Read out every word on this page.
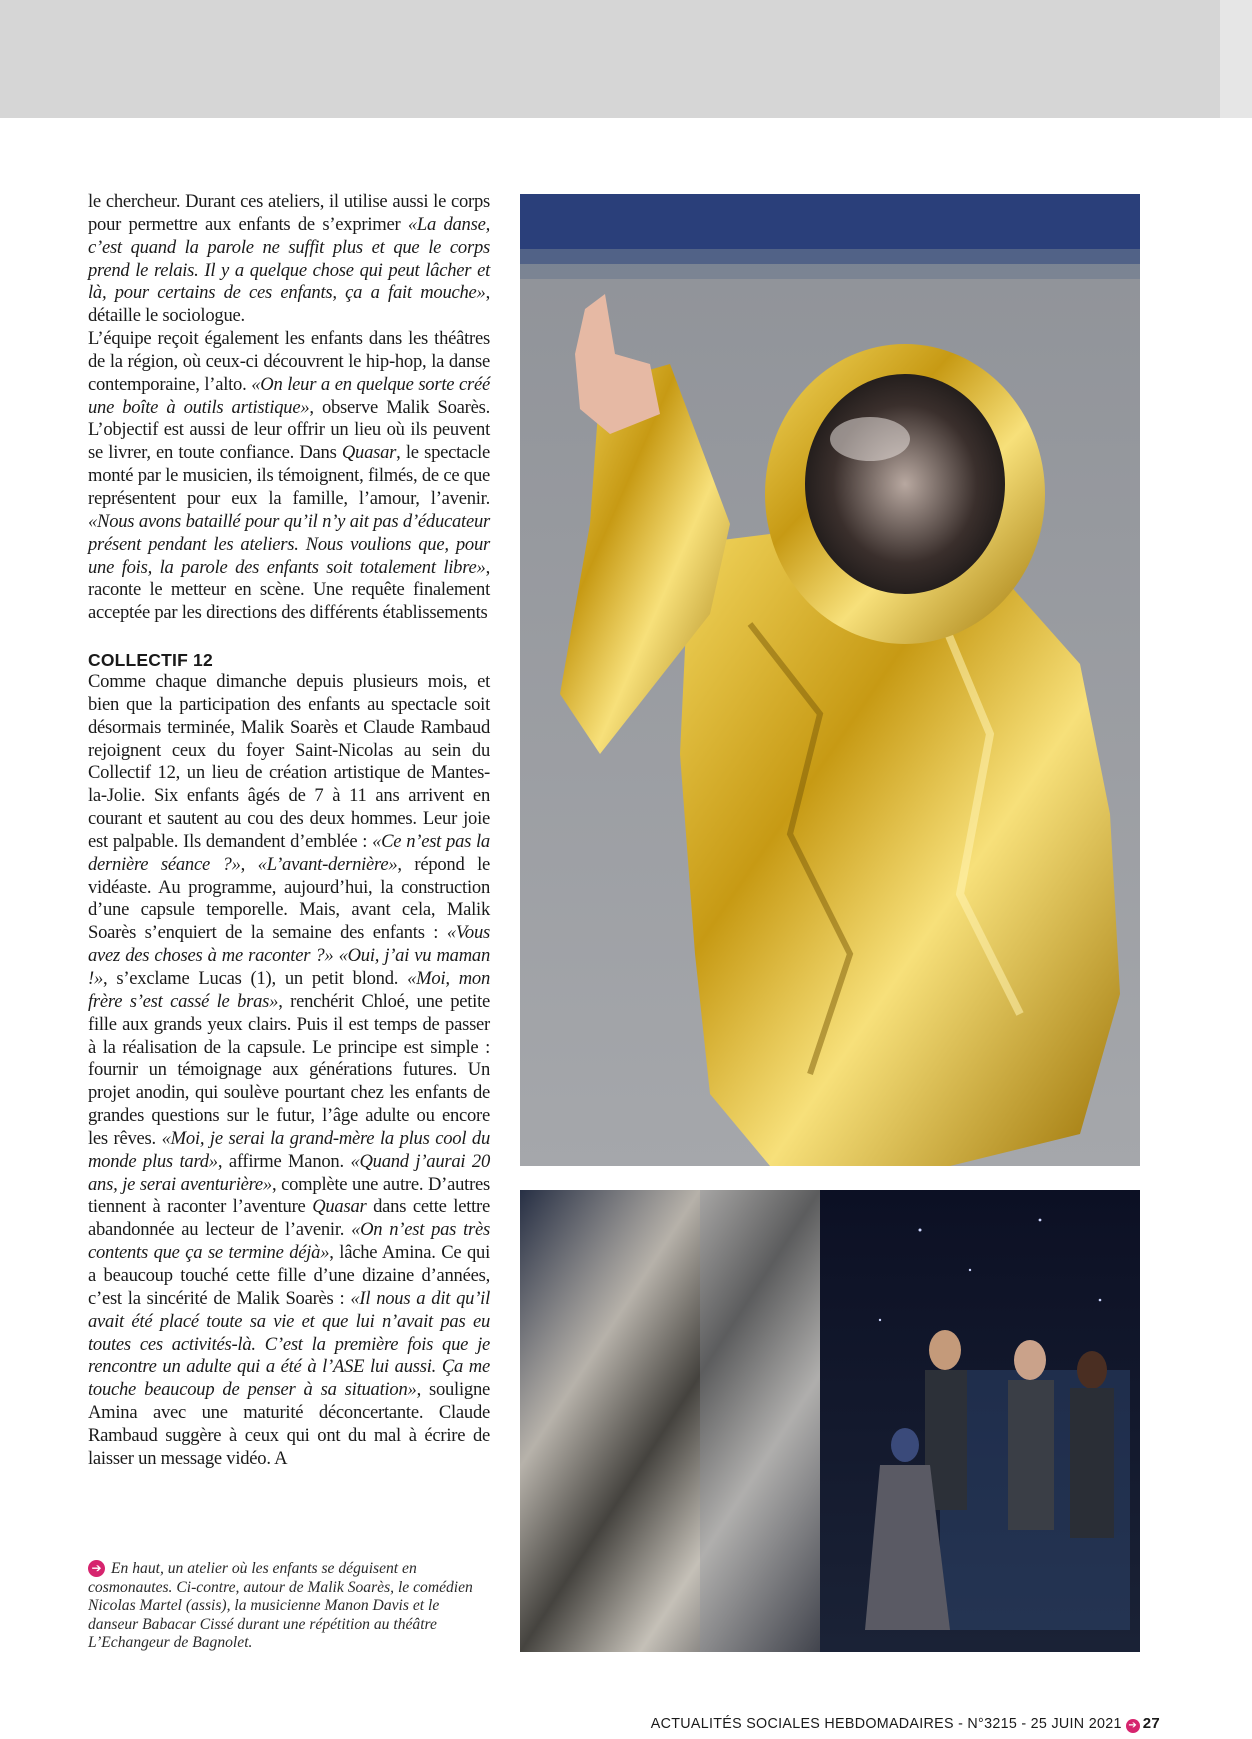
le chercheur. Durant ces ateliers, il utilise aussi le corps pour permettre aux enfants de s’exprimer «La danse, c’est quand la parole ne suffit plus et que le corps prend le relais. Il y a quelque chose qui peut lâcher et là, pour certains de ces enfants, ça a fait mouche», détaille le sociologue.

L’équipe reçoit également les enfants dans les théâtres de la région, où ceux-ci découvrent le hip-hop, la danse contemporaine, l’alto. «On leur a en quelque sorte créé une boîte à outils artistique», observe Malik Soarès. L’objectif est aussi de leur offrir un lieu où ils peuvent se livrer, en toute confiance. Dans Quasar, le spectacle monté par le musicien, ils témoignent, filmés, de ce que représentent pour eux la famille, l’amour, l’avenir. «Nous avons bataillé pour qu’il n’y ait pas d’éducateur présent pendant les ateliers. Nous voulions que, pour une fois, la parole des enfants soit totalement libre», raconte le metteur en scène. Une requête finalement acceptée par les directions des différents établissements

COLLECTIF 12

Comme chaque dimanche depuis plusieurs mois, et bien que la participation des enfants au spectacle soit désormais terminée, Malik Soarès et Claude Rambaud rejoignent ceux du foyer Saint-Nicolas au sein du Collectif 12, un lieu de création artistique de Mantes-la-Jolie. Six enfants âgés de 7 à 11 ans arrivent en courant et sautent au cou des deux hommes. Leur joie est palpable. Ils demandent d’emblée : «Ce n’est pas la dernière séance ?», «L’avant-dernière», répond le vidéaste. Au programme, aujourd’hui, la construction d’une capsule temporelle. Mais, avant cela, Malik Soarès s’enquiert de la semaine des enfants : «Vous avez des choses à me raconter ?» «Oui, j’ai vu maman !», s’exclame Lucas (1), un petit blond. «Moi, mon frère s’est cassé le bras», renchérit Chloé, une petite fille aux grands yeux clairs. Puis il est temps de passer à la réalisation de la capsule. Le principe est simple : fournir un témoignage aux générations futures. Un projet anodin, qui soulève pourtant chez les enfants de grandes questions sur le futur, l’âge adulte ou encore les rêves. «Moi, je serai la grand-mère la plus cool du monde plus tard», affirme Manon. «Quand j’aurai 20 ans, je serai aventurière», complète une autre. D’autres tiennent à raconter l’aventure Quasar dans cette lettre abandonnée au lecteur de l’avenir. «On n’est pas très contents que ça se termine déjà», lâche Amina. Ce qui a beaucoup touché cette fille d’une dizaine d’années, c’est la sincérité de Malik Soarès : «Il nous a dit qu’il avait été placé toute sa vie et que lui n’avait pas eu toutes ces activités-là. C’est la première fois que je rencontre un adulte qui a été à l’ASE lui aussi. Ça me touche beaucoup de penser à sa situation», souligne Amina avec une maturité déconcertante. Claude Rambaud suggère à ceux qui ont du mal à écrire de laisser un message vidéo. A

➔ En haut, un atelier où les enfants se déguisent en cosmonautes. Ci-contre, autour de Malik Soarès, le comédien Nicolas Martel (assis), la musicienne Manon Davis et le danseur Babacar Cissé durant une répétition au théâtre L’Echangeur de Bagnolet.
ACTUALITÉS SOCIALES HEBDOMADAIRES - N°3215 - 25 JUIN 2021 ➔ 27
